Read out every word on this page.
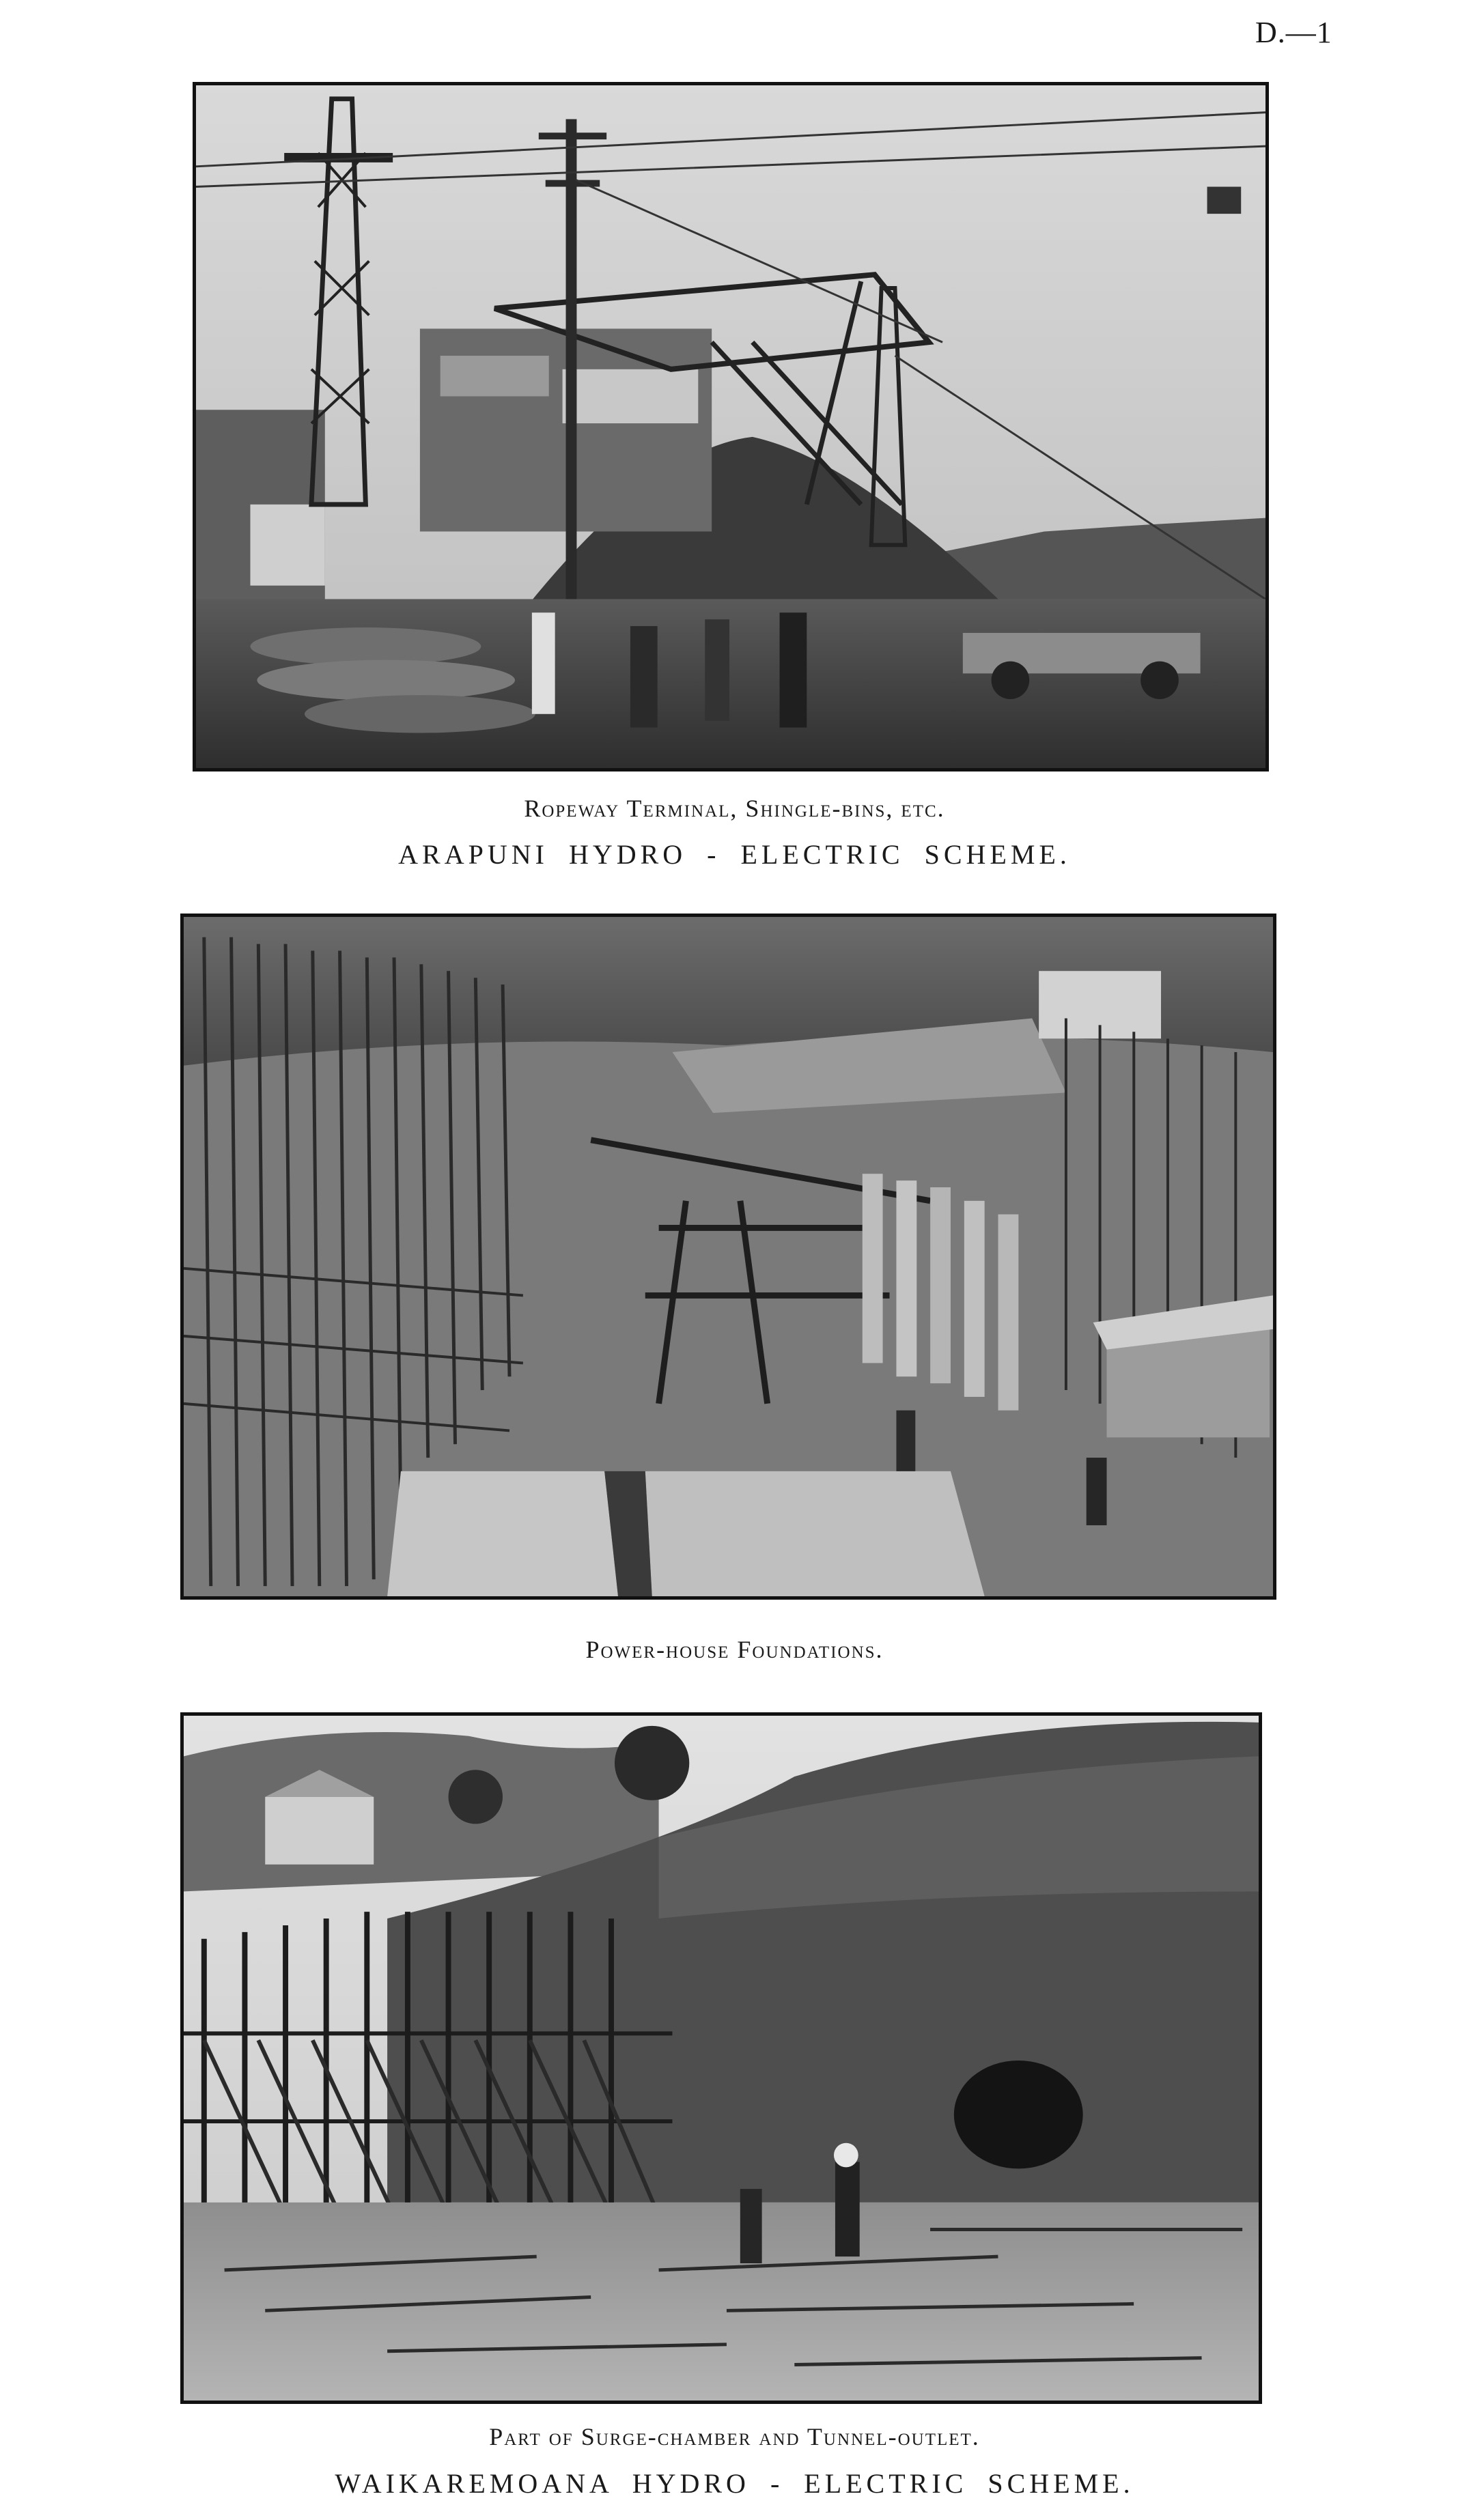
D.—1
Ropeway Terminal, Shingle-bins, etc.
ARAPUNI HYDRO - ELECTRIC SCHEME.
Power-house Foundations.
Part of Surge-chamber and Tunnel-outlet.
WAIKAREMOANA HYDRO - ELECTRIC SCHEME.
